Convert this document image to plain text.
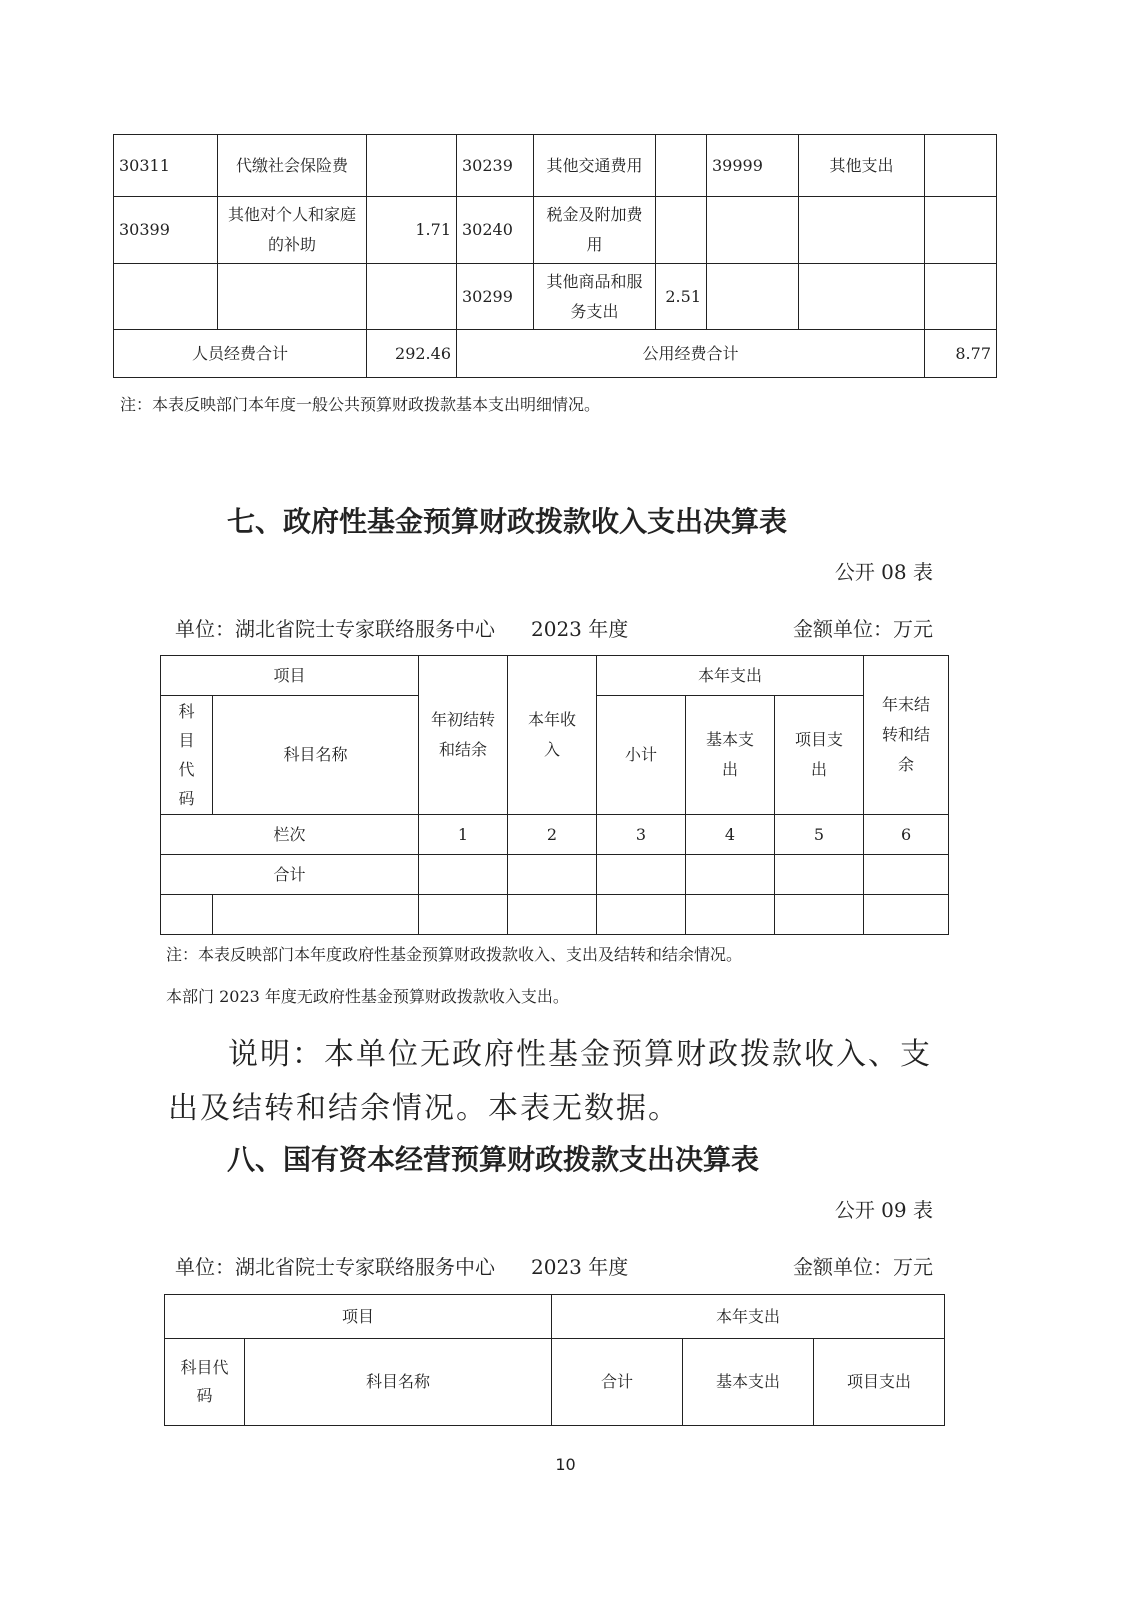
30311	代缴社会保险费		30239	其他交通费用		39999	其他支出	
30399	其他对个人和家庭的补助	1.71	30240	税金及附加费用				
			30299	其他商品和服务支出	2.51			
人员经费合计		292.46	公用经费合计					8.77
注：本表反映部门本年度一般公共预算财政拨款基本支出明细情况。
七、政府性基金预算财政拨款收入支出决算表
公开 08 表
单位：湖北省院士专家联络服务中心 2023 年度	金额单位：万元
项目		年初结转和结余	本年收入	本年支出			年末结转和结余
科目代码	科目名称			小计	基本支出	项目支出	
栏次		1	2	3	4	5	6
合计							

注：本表反映部门本年度政府性基金预算财政拨款收入、支出及结转和结余情况。
本部门 2023 年度无政府性基金预算财政拨款收入支出。
说明：本单位无政府性基金预算财政拨款收入、支出及结转和结余情况。本表无数据。
八、国有资本经营预算财政拨款支出决算表
公开 09 表
单位：湖北省院士专家联络服务中心 2023 年度	金额单位：万元
项目		本年支出		
科目代码	科目名称	合计	基本支出	项目支出
10
